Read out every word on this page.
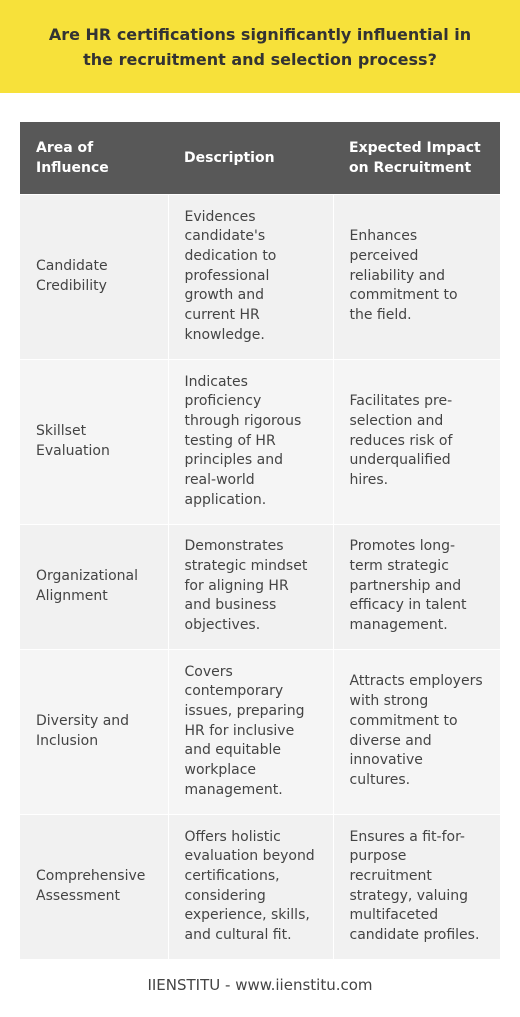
Are HR certifications significantly influential in the recruitment and selection process?
Area of Influence	Description	Expected Impact on Recruitment
Candidate Credibility	Evidences candidate's dedication to professional growth and current HR knowledge.	Enhances perceived reliability and commitment to the field.
Skillset Evaluation	Indicates proficiency through rigorous testing of HR principles and real-world application.	Facilitates pre-selection and reduces risk of underqualified hires.
Organizational Alignment	Demonstrates strategic mindset for aligning HR and business objectives.	Promotes long-term strategic partnership and efficacy in talent management.
Diversity and Inclusion	Covers contemporary issues, preparing HR for inclusive and equitable workplace management.	Attracts employers with strong commitment to diverse and innovative cultures.
Comprehensive Assessment	Offers holistic evaluation beyond certifications, considering experience, skills, and cultural fit.	Ensures a fit-for-purpose recruitment strategy, valuing multifaceted candidate profiles.
IIENSTITU - www.iienstitu.com
